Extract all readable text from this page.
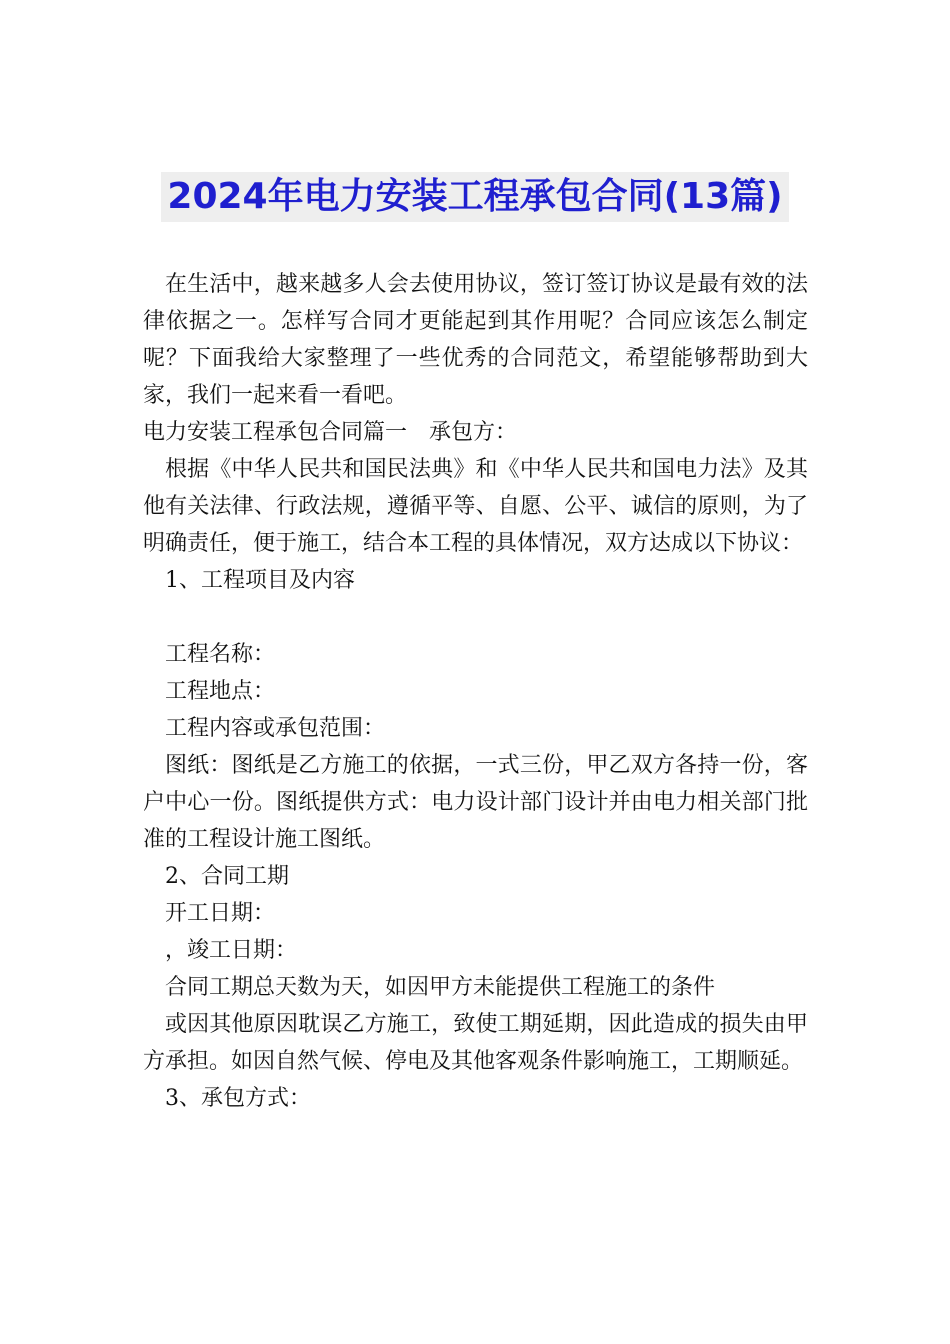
2024年电力安装工程承包合同(13篇)

在生活中，越来越多人会去使用协议，签订签订协议是最有效的法律依据之一。怎样写合同才更能起到其作用呢？合同应该怎么制定呢？下面我给大家整理了一些优秀的合同范文，希望能够帮助到大家，我们一起来看一看吧。

电力安装工程承包合同篇一　承包方：

根据《中华人民共和国民法典》和《中华人民共和国电力法》及其他有关法律、行政法规，遵循平等、自愿、公平、诚信的原则，为了明确责任，便于施工，结合本工程的具体情况，双方达成以下协议：

1、工程项目及内容

工程名称：

工程地点：

工程内容或承包范围：

图纸：图纸是乙方施工的依据，一式三份，甲乙双方各持一份，客户中心一份。图纸提供方式：电力设计部门设计并由电力相关部门批准的工程设计施工图纸。

2、合同工期

开工日期：

，竣工日期：

合同工期总天数为天，如因甲方未能提供工程施工的条件

或因其他原因耽误乙方施工，致使工期延期，因此造成的损失由甲方承担。如因自然气候、停电及其他客观条件影响施工，工期顺延。

3、承包方式：
